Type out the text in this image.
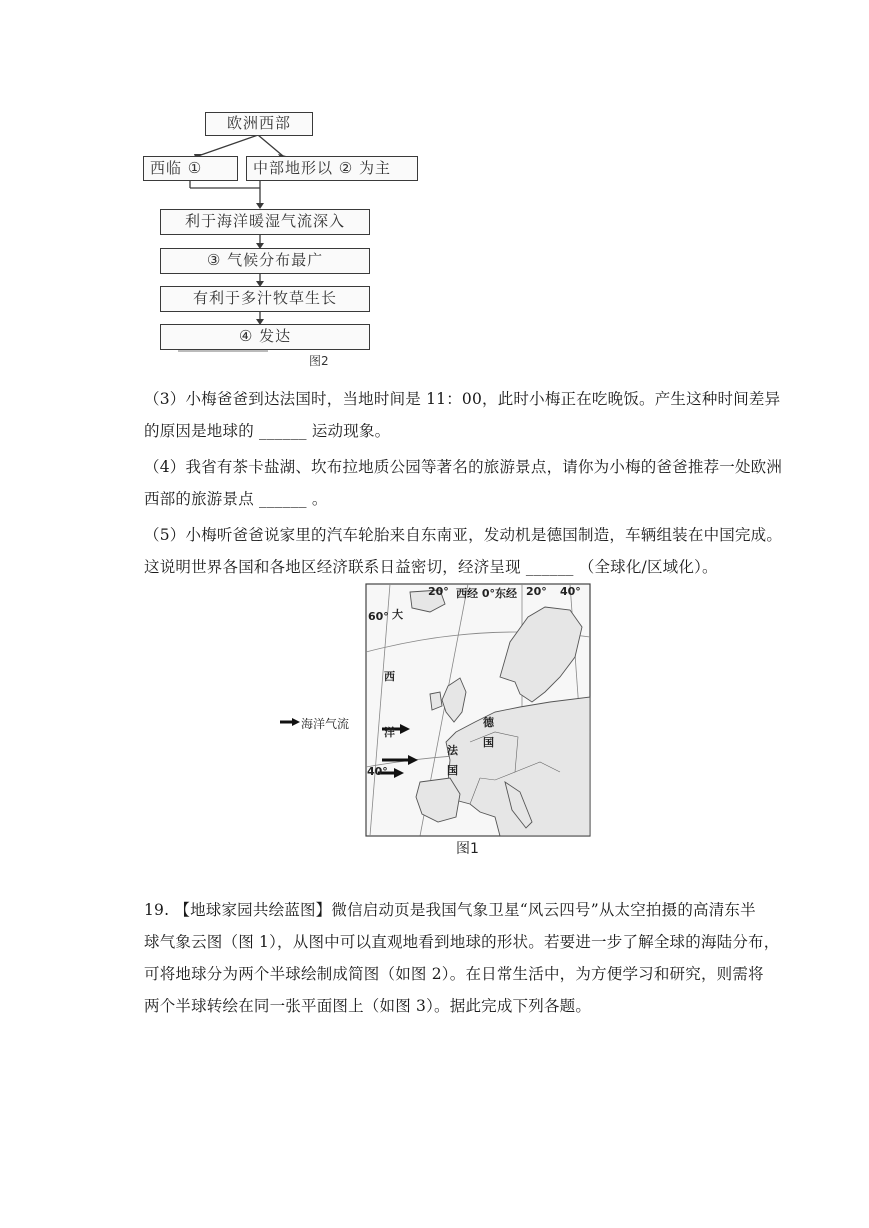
欧洲西部
西临 ①	中部地形以 ② 为主
利于海洋暖湿气流深入
③ 气候分布最广
有利于多汁牧草生长
④ 发达
图2
（3）小梅爸爸到达法国时，当地时间是 11：00，此时小梅正在吃晚饭。产生这种时间差异
的原因是地球的 ______ 运动现象。
（4）我省有茶卡盐湖、坎布拉地质公园等著名的旅游景点，请你为小梅的爸爸推荐一处欧洲
西部的旅游景点 ______ 。
（5）小梅听爸爸说家里的汽车轮胎来自东南亚，发动机是德国制造，车辆组装在中国完成。
这说明世界各国和各地区经济联系日益密切，经济呈现 ______ （全球化/区域化）。
20° 西经 0°东经 20° 40°
60°
40°
大
西
洋
德
国
法
国
海洋气流
图1
19. 【地球家园共绘蓝图】微信启动页是我国气象卫星“风云四号”从太空拍摄的高清东半
球气象云图（图 1），从图中可以直观地看到地球的形状。若要进一步了解全球的海陆分布，
可将地球分为两个半球绘制成简图（如图 2）。在日常生活中，为方便学习和研究，则需将
两个半球转绘在同一张平面图上（如图 3）。据此完成下列各题。
